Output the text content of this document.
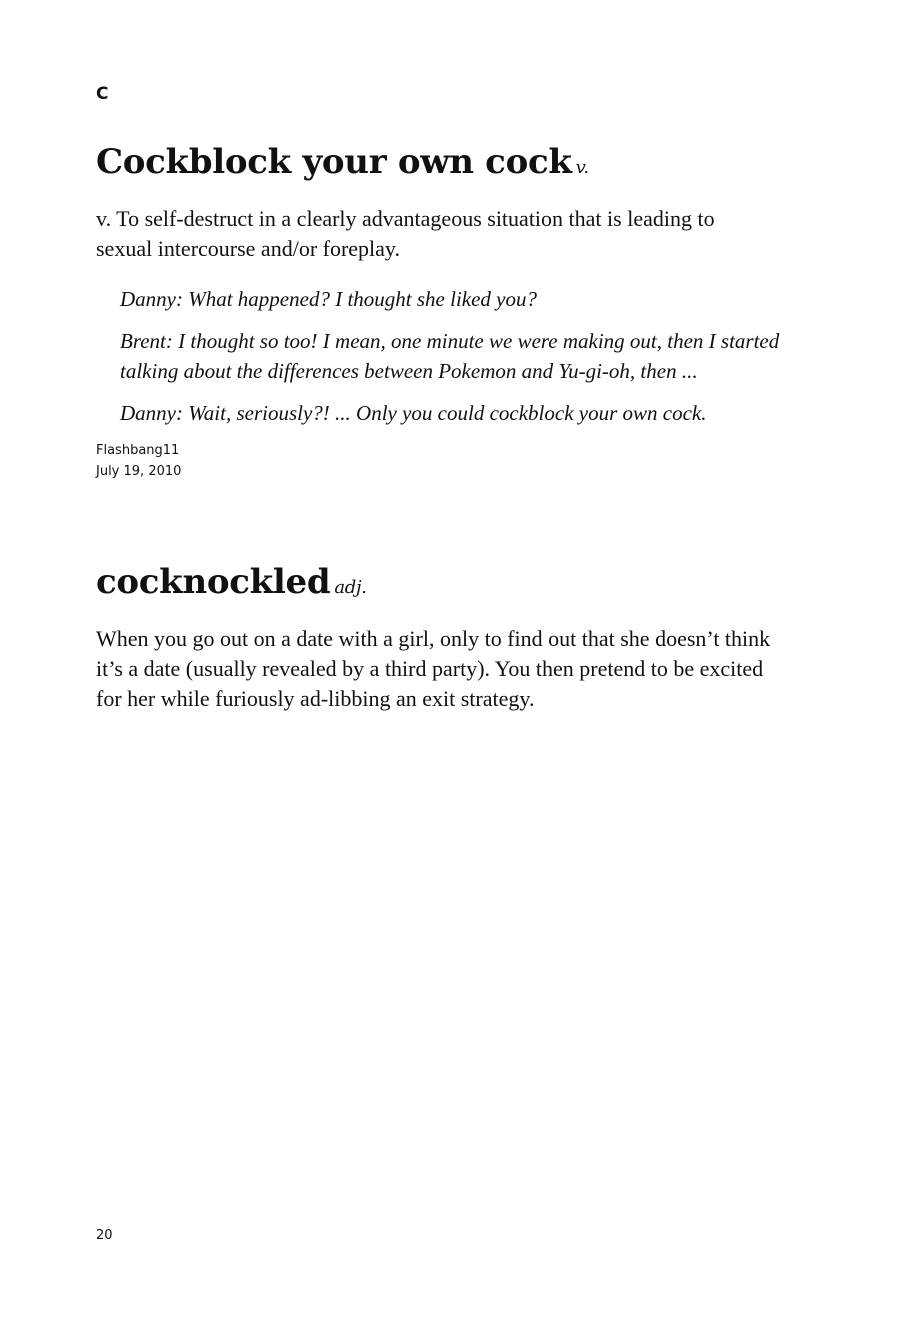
C
Cockblock your own cock v.

v. To self-destruct in a clearly advantageous situation that is leading to sexual intercourse and/or foreplay.

Danny: What happened? I thought she liked you?

Brent: I thought so too! I mean, one minute we were making out, then I started talking about the differences between Pokemon and Yu-gi-oh, then ...

Danny: Wait, seriously?! ... Only you could cockblock your own cock.

Flashbang11
July 19, 2010
cocknockled adj.

When you go out on a date with a girl, only to find out that she doesn’t think it’s a date (usually revealed by a third party). You then pretend to be excited for her while furiously ad-libbing an exit strategy.

20
